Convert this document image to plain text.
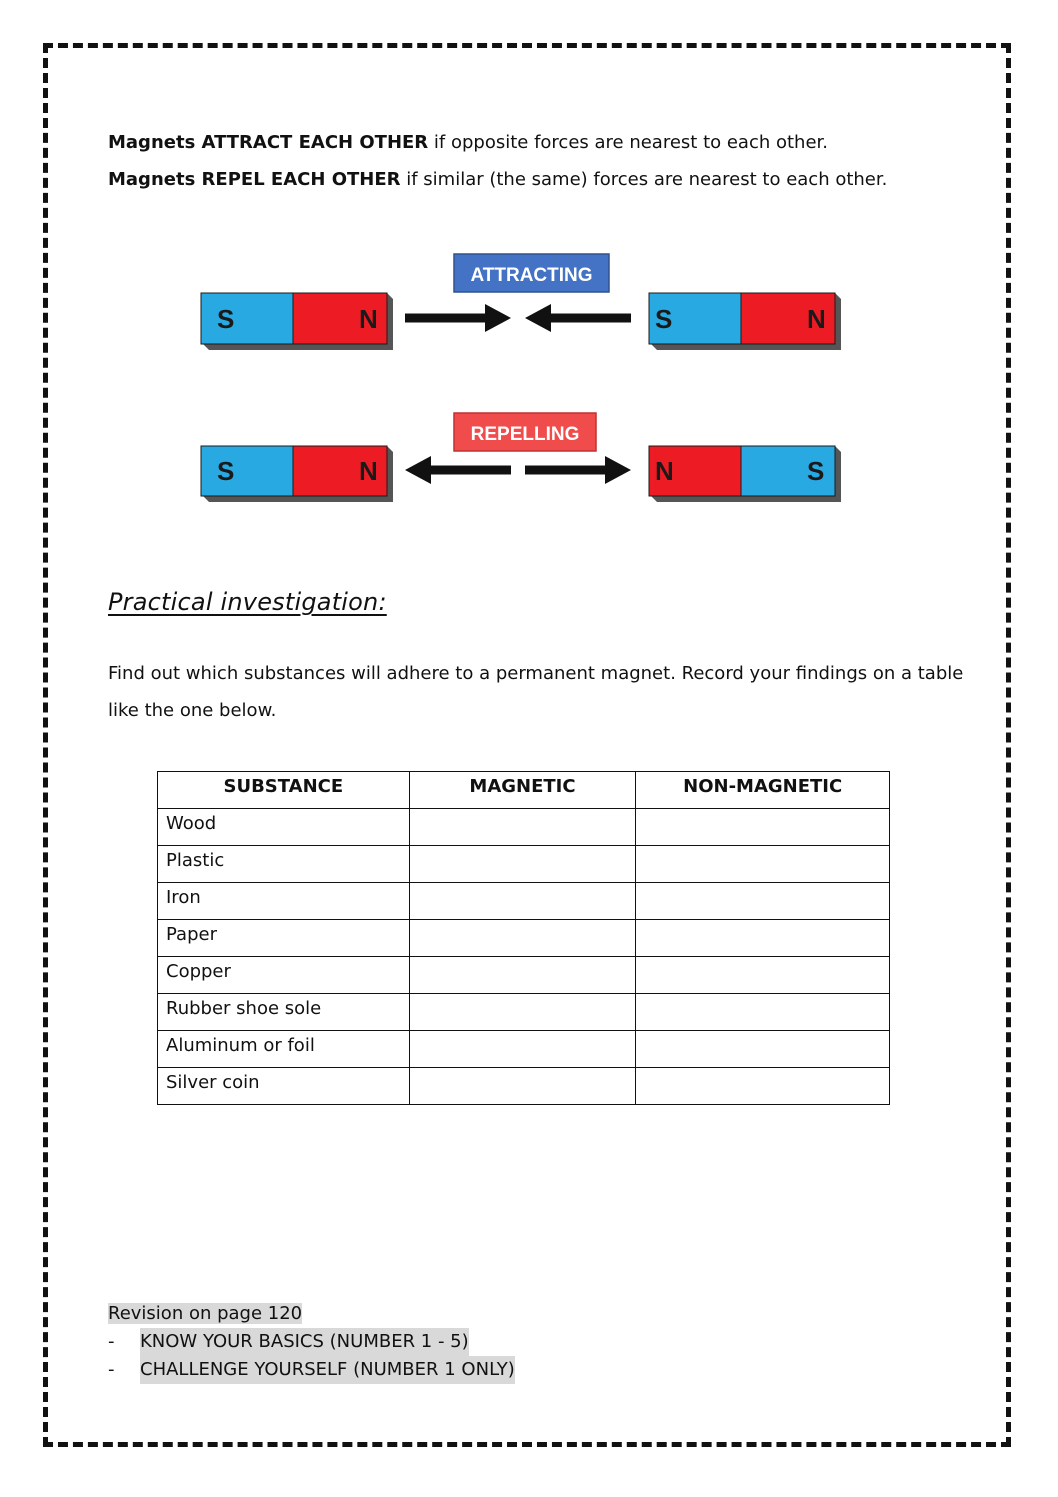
Magnets ATTRACT EACH OTHER if opposite forces are nearest to each other.

Magnets REPEL EACH OTHER if similar (the same) forces are nearest to each other.

ATTRACTING
S	N	S	N
REPELLING
S	N	N	S
Practical investigation:

Find out which substances will adhere to a permanent magnet. Record your findings on a table like the one below.

SUBSTANCE	MAGNETIC	NON-MAGNETIC
Wood		
Plastic		
Iron		
Paper		
Copper		
Rubber shoe sole		
Aluminum or foil		
Silver coin		
Revision on page 120
-	KNOW YOUR BASICS (NUMBER 1 - 5)
-	CHALLENGE YOURSELF (NUMBER 1 ONLY)
